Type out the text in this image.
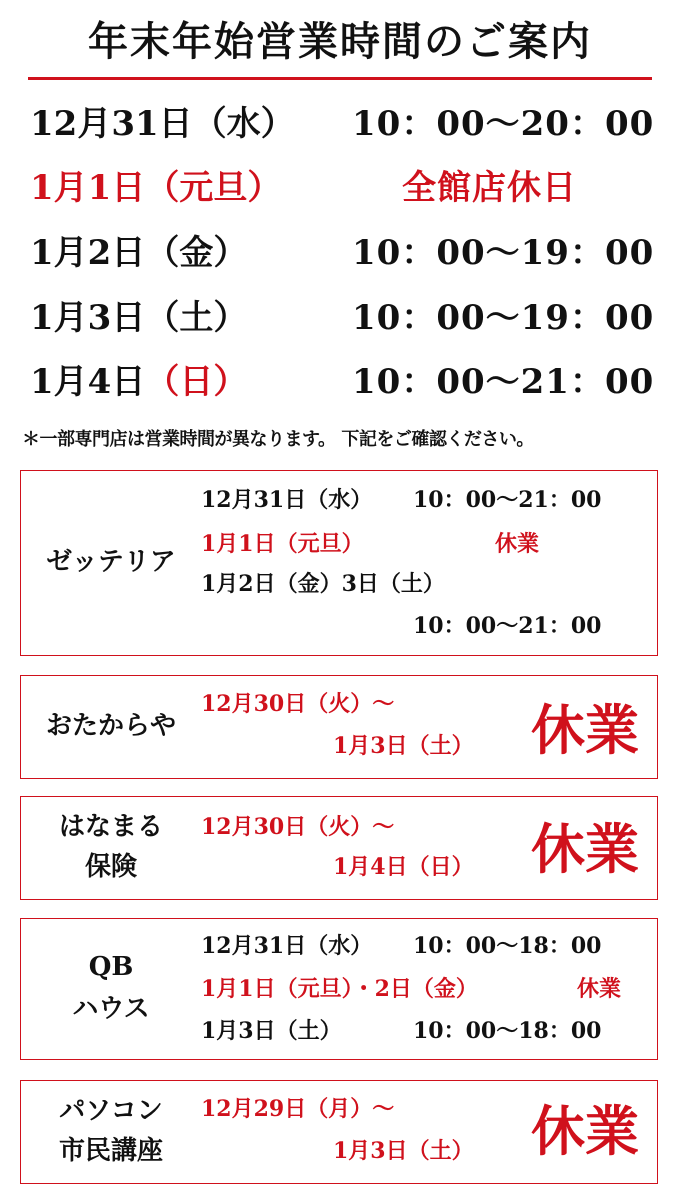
年末年始営業時間のご案内
12月31日（水） 10：00〜20：00
1月1日（元旦）	全館店休日
1月2日（金）	10：00〜19：00
1月3日（土）	10：00〜19：00
1月4日（日）	10：00〜21：00
＊一部専門店は営業時間が異なります。 下記をご確認ください。
ゼッテリア
12月31日（水） 10：00〜21：00
1月1日（元旦）	休業
1月2日（金）3日（土）
10：00〜21：00
おたからや
12月30日（火）〜
1月3日（土） 休業
はなまる
保険
12月30日（火）〜
1月4日（日） 休業
QB
ハウス
12月31日（水） 10：00〜18：00
1月1日（元旦）・2日（金）	休業
1月3日（土）	10：00〜18：00
パソコン
市民講座
12月29日（月）〜
1月3日（土） 休業
